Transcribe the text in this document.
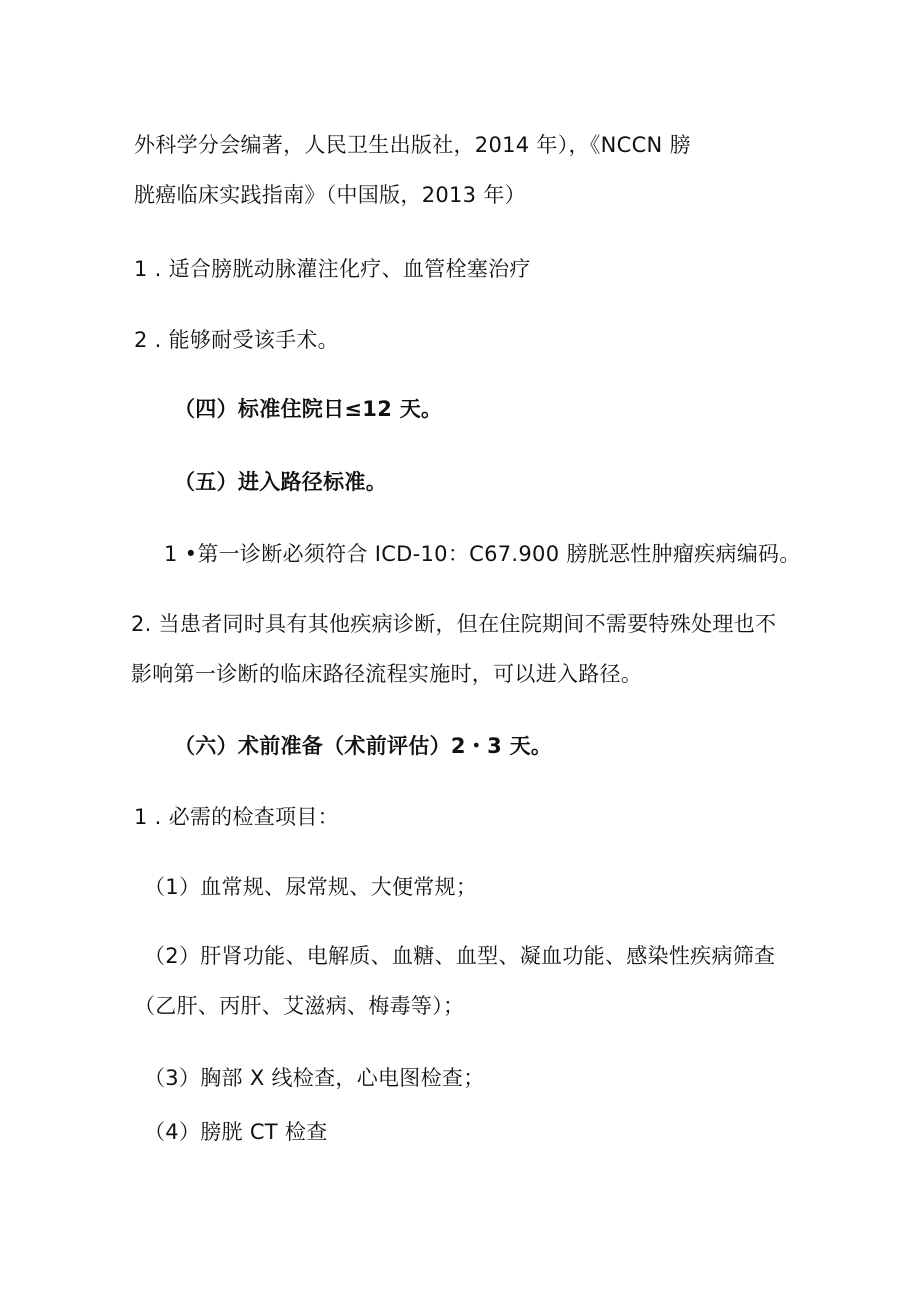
外科学分会编著，人民卫生出版社，2014 年），《NCCN 膀
胱癌临床实践指南》（中国版，2013 年）
1 . 适合膀胱动脉灌注化疗、血管栓塞治疗
2 . 能够耐受该手术。
（四）标准住院日≤12 天。
（五）进入路径标准。
1 •第一诊断必须符合 ICD-10：C67.900 膀胱恶性肿瘤疾病编码。
2. 当患者同时具有其他疾病诊断，但在住院期间不需要特殊处理也不
影响第一诊断的临床路径流程实施时，可以进入路径。
（六）术前准备（术前评估）2・3 天。
1 . 必需的检查项目：
（1）血常规、尿常规、大便常规；
（2）肝肾功能、电解质、血糖、血型、凝血功能、感染性疾病筛查
（乙肝、丙肝、艾滋病、梅毒等）；
（3）胸部 X 线检查，心电图检查；
（4）膀胱 CT 检查
